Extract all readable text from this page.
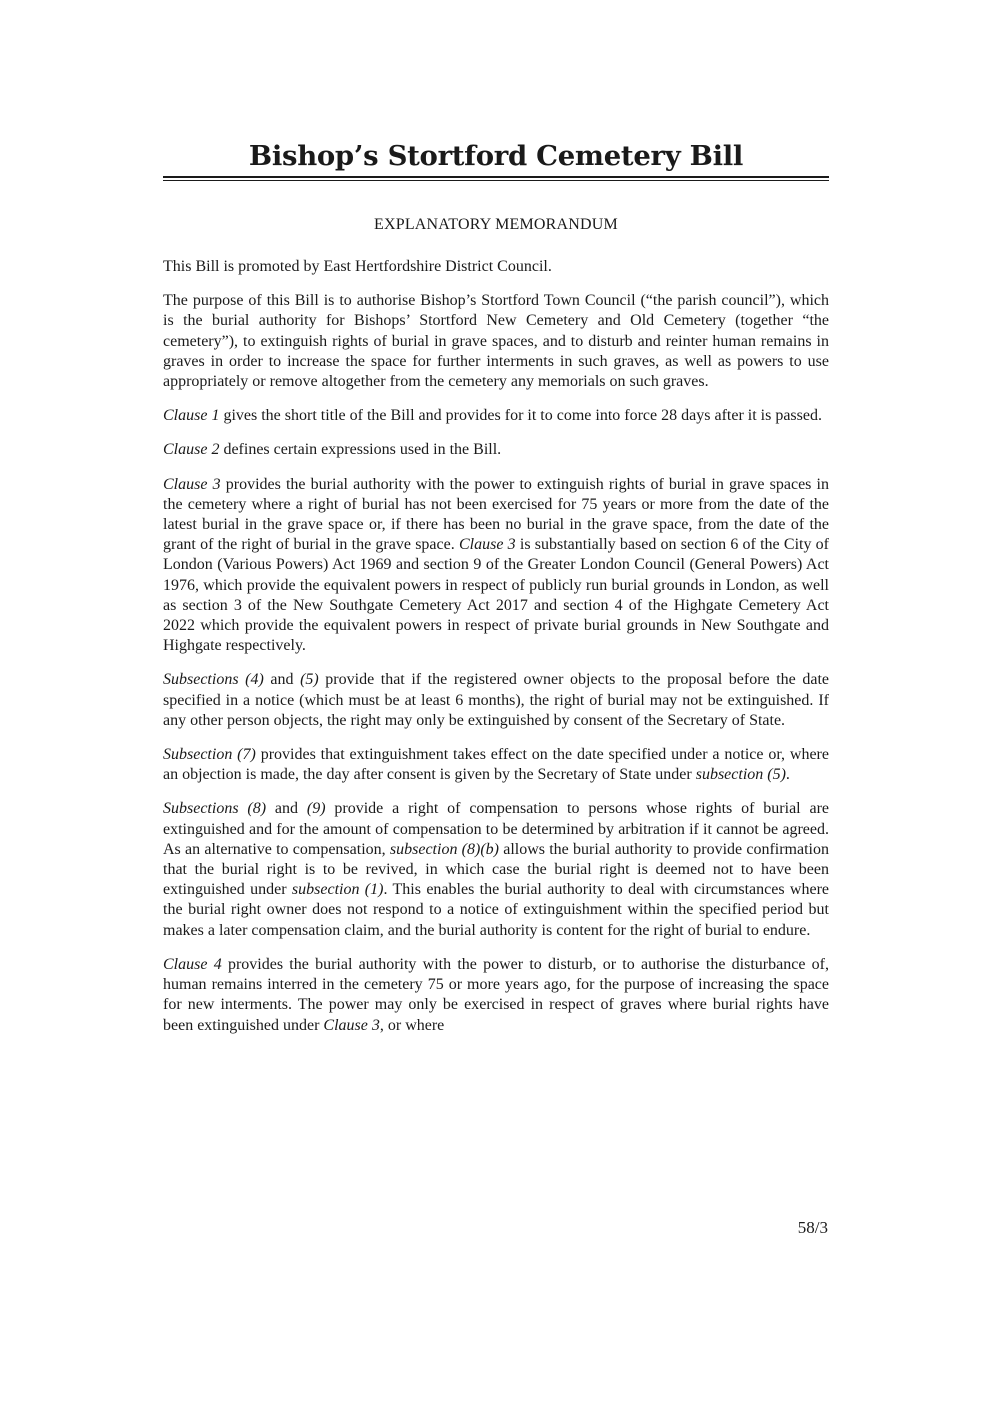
Bishop’s Stortford Cemetery Bill
EXPLANATORY MEMORANDUM

This Bill is promoted by East Hertfordshire District Council.

The purpose of this Bill is to authorise Bishop’s Stortford Town Council (“the parish council”), which is the burial authority for Bishops’ Stortford New Cemetery and Old Cemetery (together “the cemetery”), to extinguish rights of burial in grave spaces, and to disturb and reinter human remains in graves in order to increase the space for further interments in such graves, as well as powers to use appropriately or remove altogether from the cemetery any memorials on such graves.

Clause 1 gives the short title of the Bill and provides for it to come into force 28 days after it is passed.

Clause 2 defines certain expressions used in the Bill.

Clause 3 provides the burial authority with the power to extinguish rights of burial in grave spaces in the cemetery where a right of burial has not been exercised for 75 years or more from the date of the latest burial in the grave space or, if there has been no burial in the grave space, from the date of the grant of the right of burial in the grave space. Clause 3 is substantially based on section 6 of the City of London (Various Powers) Act 1969 and section 9 of the Greater London Council (General Powers) Act 1976, which provide the equivalent powers in respect of publicly run burial grounds in London, as well as section 3 of the New Southgate Cemetery Act 2017 and section 4 of the Highgate Cemetery Act 2022 which provide the equivalent powers in respect of private burial grounds in New Southgate and Highgate respectively.

Subsections (4) and (5) provide that if the registered owner objects to the proposal before the date specified in a notice (which must be at least 6 months), the right of burial may not be extinguished. If any other person objects, the right may only be extinguished by consent of the Secretary of State.

Subsection (7) provides that extinguishment takes effect on the date specified under a notice or, where an objection is made, the day after consent is given by the Secretary of State under subsection (5).

Subsections (8) and (9) provide a right of compensation to persons whose rights of burial are extinguished and for the amount of compensation to be determined by arbitration if it cannot be agreed. As an alternative to compensation, subsection (8)(b) allows the burial authority to provide confirmation that the burial right is to be revived, in which case the burial right is deemed not to have been extinguished under subsection (1). This enables the burial authority to deal with circumstances where the burial right owner does not respond to a notice of extinguishment within the specified period but makes a later compensation claim, and the burial authority is content for the right of burial to endure.

Clause 4 provides the burial authority with the power to disturb, or to authorise the disturbance of, human remains interred in the cemetery 75 or more years ago, for the purpose of increasing the space for new interments. The power may only be exercised in respect of graves where burial rights have been extinguished under Clause 3, or where

58/3
